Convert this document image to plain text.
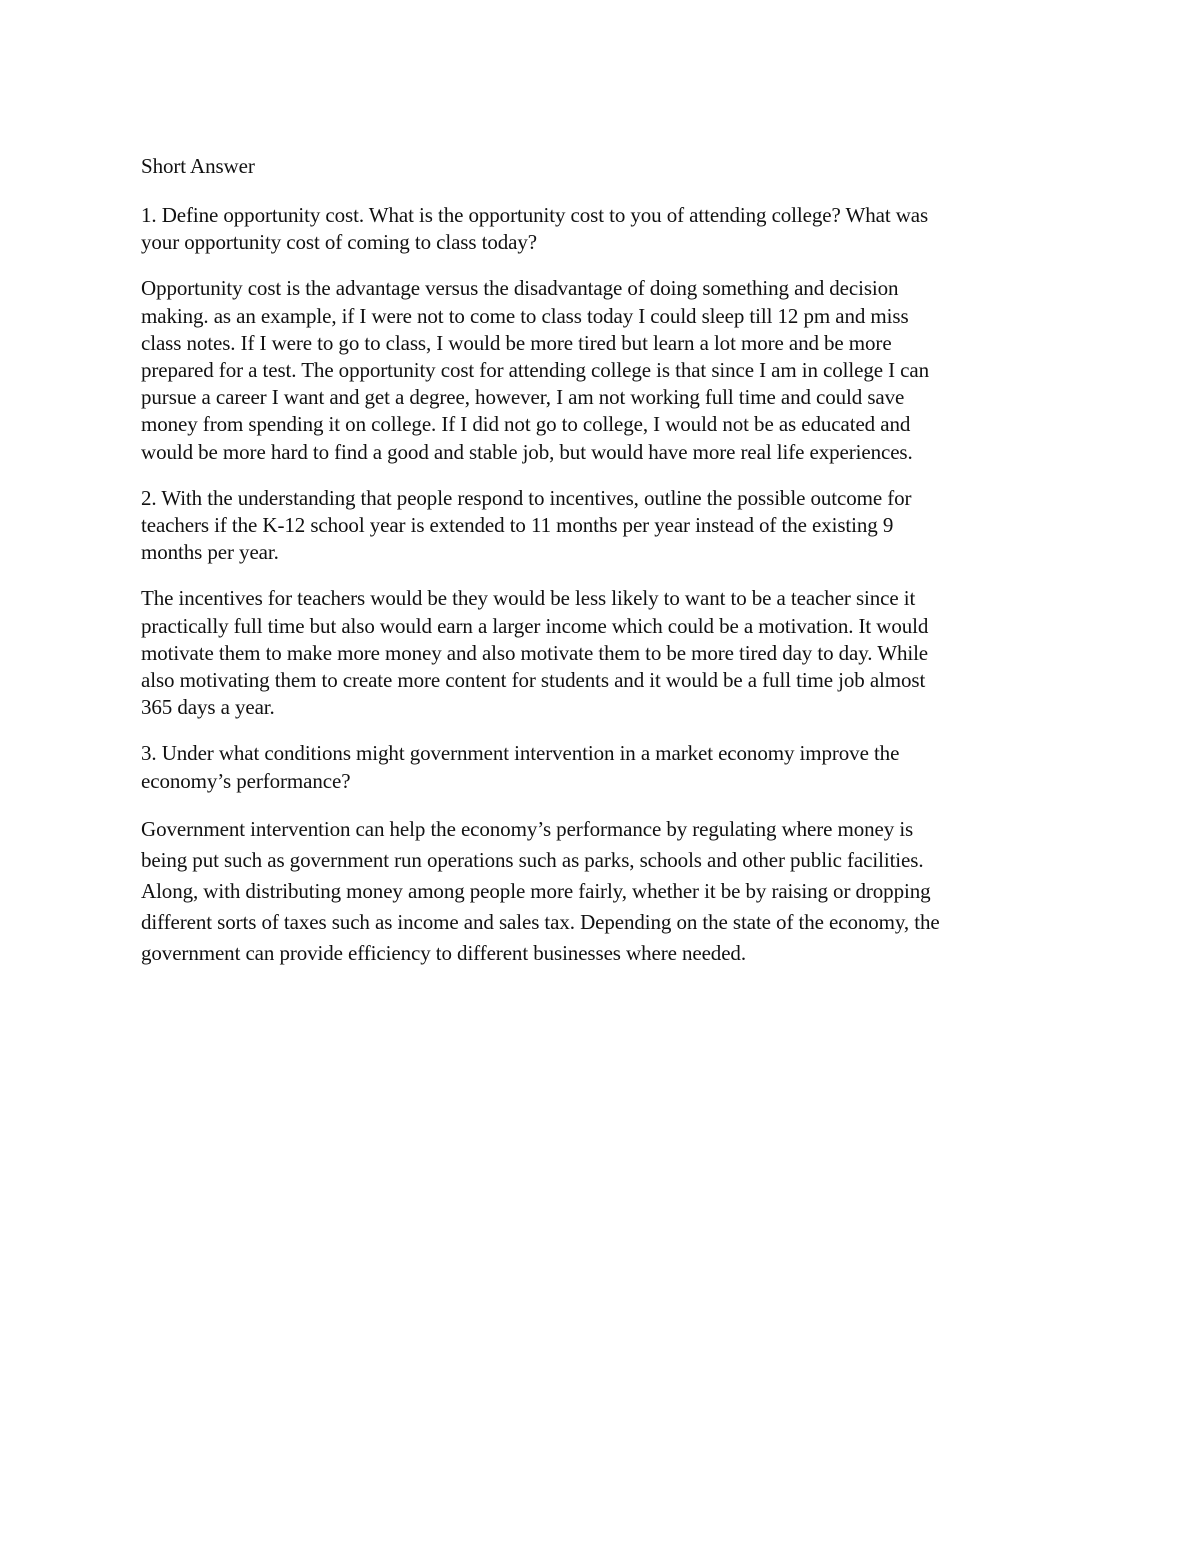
Short Answer
1. Define opportunity cost. What is the opportunity cost to you of attending college? What was
your opportunity cost of coming to class today?
Opportunity cost is the advantage versus the disadvantage of doing something and decision
making. as an example, if I were not to come to class today I could sleep till 12 pm and miss
class notes. If I were to go to class, I would be more tired but learn a lot more and be more
prepared for a test. The opportunity cost for attending college is that since I am in college I can
pursue a career I want and get a degree, however, I am not working full time and could save
money from spending it on college. If I did not go to college, I would not be as educated and
would be more hard to find a good and stable job, but would have more real life experiences.
2. With the understanding that people respond to incentives, outline the possible outcome for
teachers if the K-12 school year is extended to 11 months per year instead of the existing 9
months per year.
The incentives for teachers would be they would be less likely to want to be a teacher since it
practically full time but also would earn a larger income which could be a motivation. It would
motivate them to make more money and also motivate them to be more tired day to day. While
also motivating them to create more content for students and it would be a full time job almost
365 days a year.
3. Under what conditions might government intervention in a market economy improve the
economy’s performance?
Government intervention can help the economy’s performance by regulating where money is
being put such as government run operations such as parks, schools and other public facilities.
Along, with distributing money among people more fairly, whether it be by raising or dropping
different sorts of taxes such as income and sales tax. Depending on the state of the economy, the
government can provide efficiency to different businesses where needed.
